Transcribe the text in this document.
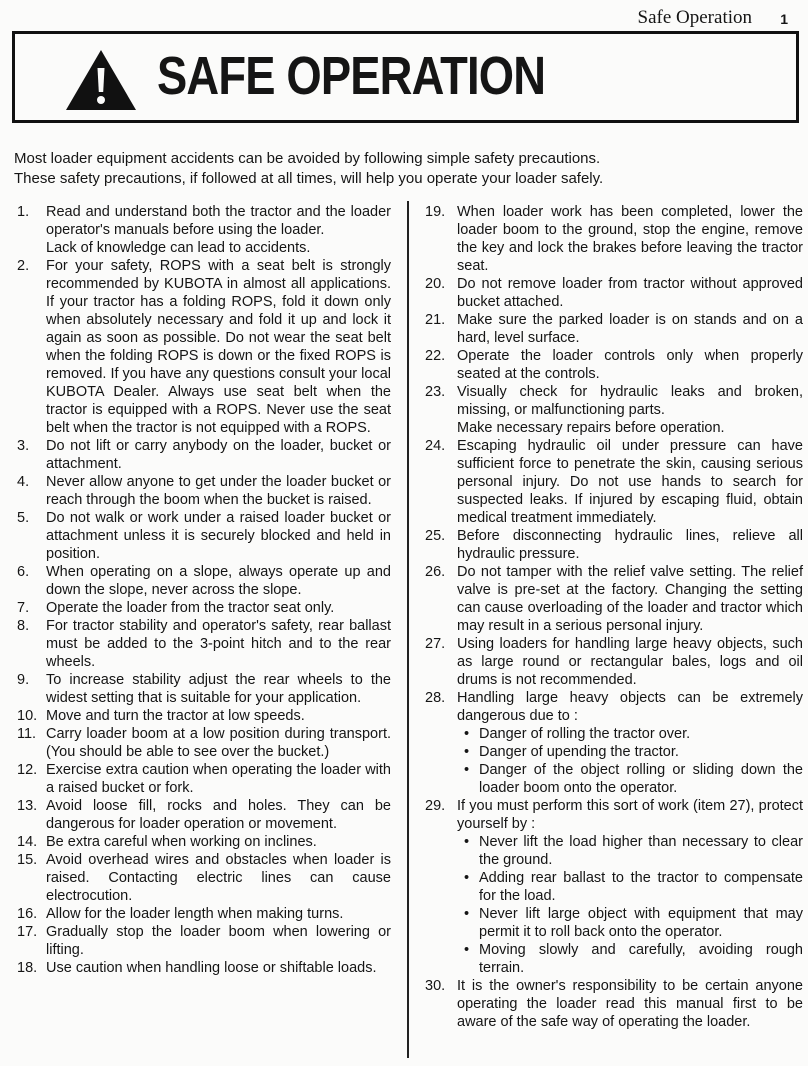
Safe Operation 1
SAFE OPERATION

Most loader equipment accidents can be avoided by following simple safety precautions.

These safety precautions, if followed at all times, will help you operate your loader safely.

1. Read and understand both the tractor and the loader operator's manuals before using the loader.

Lack of knowledge can lead to accidents.

2. For your safety, ROPS with a seat belt is strongly recommended by KUBOTA in almost all applications. If your tractor has a folding ROPS, fold it down only when absolutely necessary and fold it up and lock it again as soon as possible. Do not wear the seat belt when the folding ROPS is down or the fixed ROPS is removed. If you have any questions consult your local KUBOTA Dealer. Always use seat belt when the tractor is equipped with a ROPS. Never use the seat belt when the tractor is not equipped with a ROPS.

3. Do not lift or carry anybody on the loader, bucket or attachment.

4. Never allow anyone to get under the loader bucket or reach through the boom when the bucket is raised.

5. Do not walk or work under a raised loader bucket or attachment unless it is securely blocked and held in position.

6. When operating on a slope, always operate up and down the slope, never across the slope.

7. Operate the loader from the tractor seat only.

8. For tractor stability and operator's safety, rear ballast must be added to the 3-point hitch and to the rear wheels.

9. To increase stability adjust the rear wheels to the widest setting that is suitable for your application.

10. Move and turn the tractor at low speeds.

11. Carry loader boom at a low position during transport. (You should be able to see over the bucket.)

12. Exercise extra caution when operating the loader with a raised bucket or fork.

13. Avoid loose fill, rocks and holes. They can be dangerous for loader operation or movement.

14. Be extra careful when working on inclines.

15. Avoid overhead wires and obstacles when loader is raised. Contacting electric lines can cause electrocution.

16. Allow for the loader length when making turns.

17. Gradually stop the loader boom when lowering or lifting.

18. Use caution when handling loose or shiftable loads.

19. When loader work has been completed, lower the loader boom to the ground, stop the engine, remove the key and lock the brakes before leaving the tractor seat.

20. Do not remove loader from tractor without approved bucket attached.

21. Make sure the parked loader is on stands and on a hard, level surface.

22. Operate the loader controls only when properly seated at the controls.

23. Visually check for hydraulic leaks and broken, missing, or malfunctioning parts.

Make necessary repairs before operation.

24. Escaping hydraulic oil under pressure can have sufficient force to penetrate the skin, causing serious personal injury. Do not use hands to search for suspected leaks. If injured by escaping fluid, obtain medical treatment immediately.

25. Before disconnecting hydraulic lines, relieve all hydraulic pressure.

26. Do not tamper with the relief valve setting. The relief valve is pre-set at the factory. Changing the setting can cause overloading of the loader and tractor which may result in a serious personal injury.

27. Using loaders for handling large heavy objects, such as large round or rectangular bales, logs and oil drums is not recommended.

28. Handling large heavy objects can be extremely dangerous due to :

• Danger of rolling the tractor over.
• Danger of upending the tractor.
• Danger of the object rolling or sliding down the loader boom onto the operator.
29. If you must perform this sort of work (item 27), protect yourself by :

• Never lift the load higher than necessary to clear the ground.
• Adding rear ballast to the tractor to compensate for the load.
• Never lift large object with equipment that may permit it to roll back onto the operator.
• Moving slowly and carefully, avoiding rough terrain.
30. It is the owner's responsibility to be certain anyone operating the loader read this manual first to be aware of the safe way of operating the loader.
